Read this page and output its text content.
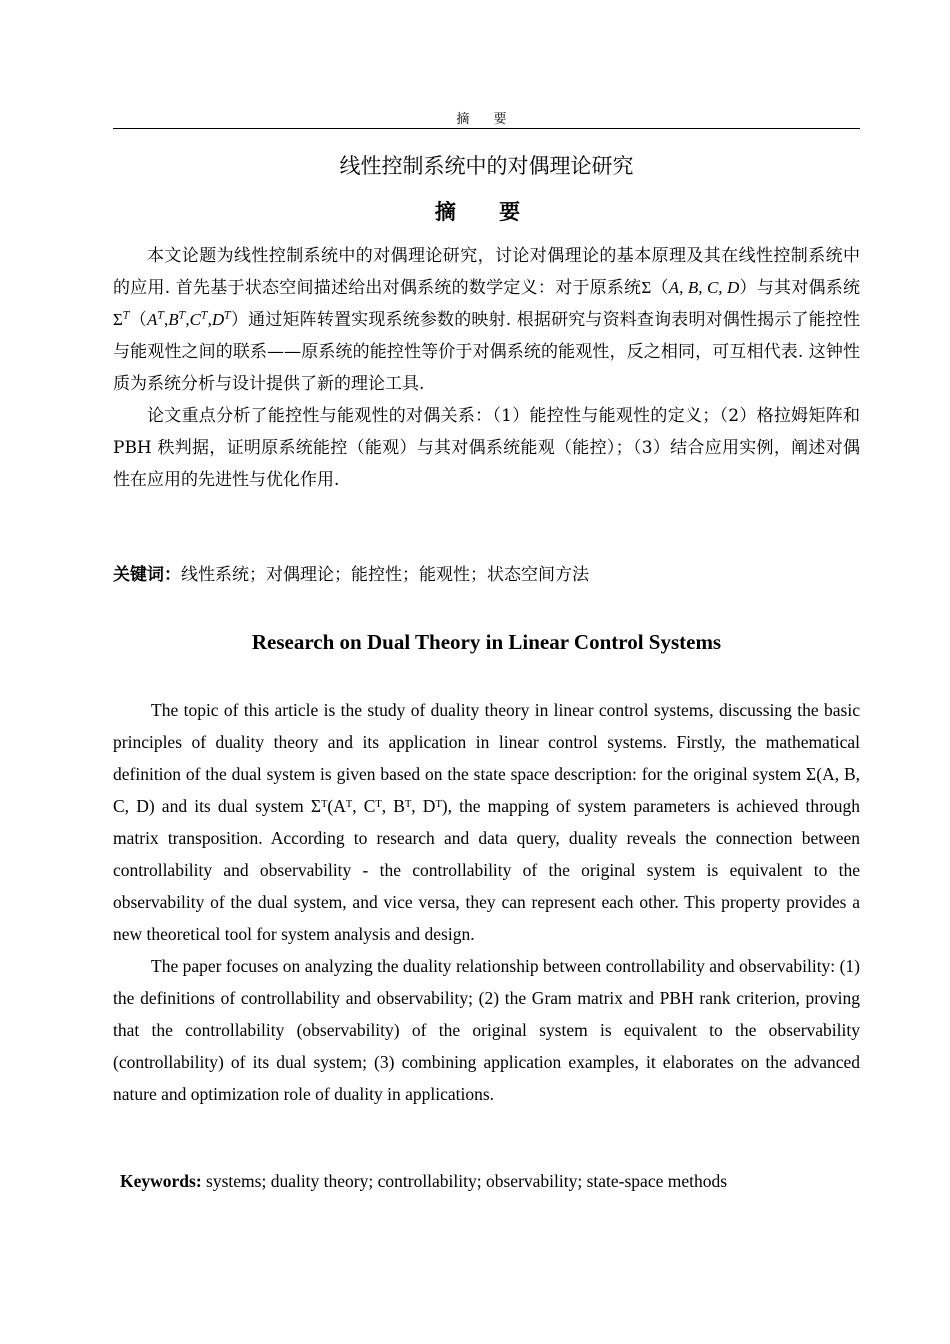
摘 要
线性控制系统中的对偶理论研究
摘 要

本文论题为线性控制系统中的对偶理论研究，讨论对偶理论的基本原理及其在线性控制系统中的应用. 首先基于状态空间描述给出对偶系统的数学定义：对于原系统Σ（A, B, C, D）与其对偶系统$\Sigma^T(A^T,B^T,C^T,D^T)$通过矩阵转置实现系统参数的映射. 根据研究与资料查询表明对偶性揭示了能控性与能观性之间的联系——原系统的能控性等价于对偶系统的能观性，反之相同，可互相代表. 这钟性质为系统分析与设计提供了新的理论工具.

论文重点分析了能控性与能观性的对偶关系：（1）能控性与能观性的定义；（2）格拉姆矩阵和 PBH 秩判据，证明原系统能控（能观）与其对偶系统能观（能控）；（3）结合应用实例，阐述对偶性在应用的先进性与优化作用.

关键词：线性系统；对偶理论；能控性；能观性；状态空间方法
Research on Dual Theory in Linear Control Systems

The topic of this article is the study of duality theory in linear control systems, discussing the basic principles of duality theory and its application in linear control systems. Firstly, the mathematical definition of the dual system is given based on the state space description: for the original system Σ(A, B, C, D) and its dual system Σᵀ(Aᵀ, Cᵀ, Bᵀ, Dᵀ), the mapping of system parameters is achieved through matrix transposition. According to research and data query, duality reveals the connection between controllability and observability - the controllability of the original system is equivalent to the observability of the dual system, and vice versa, they can represent each other. This property provides a new theoretical tool for system analysis and design.

The paper focuses on analyzing the duality relationship between controllability and observability: (1) the definitions of controllability and observability; (2) the Gram matrix and PBH rank criterion, proving that the controllability (observability) of the original system is equivalent to the observability (controllability) of its dual system; (3) combining application examples, it elaborates on the advanced nature and optimization role of duality in applications.

Keywords: systems; duality theory; controllability; observability; state-space methods
